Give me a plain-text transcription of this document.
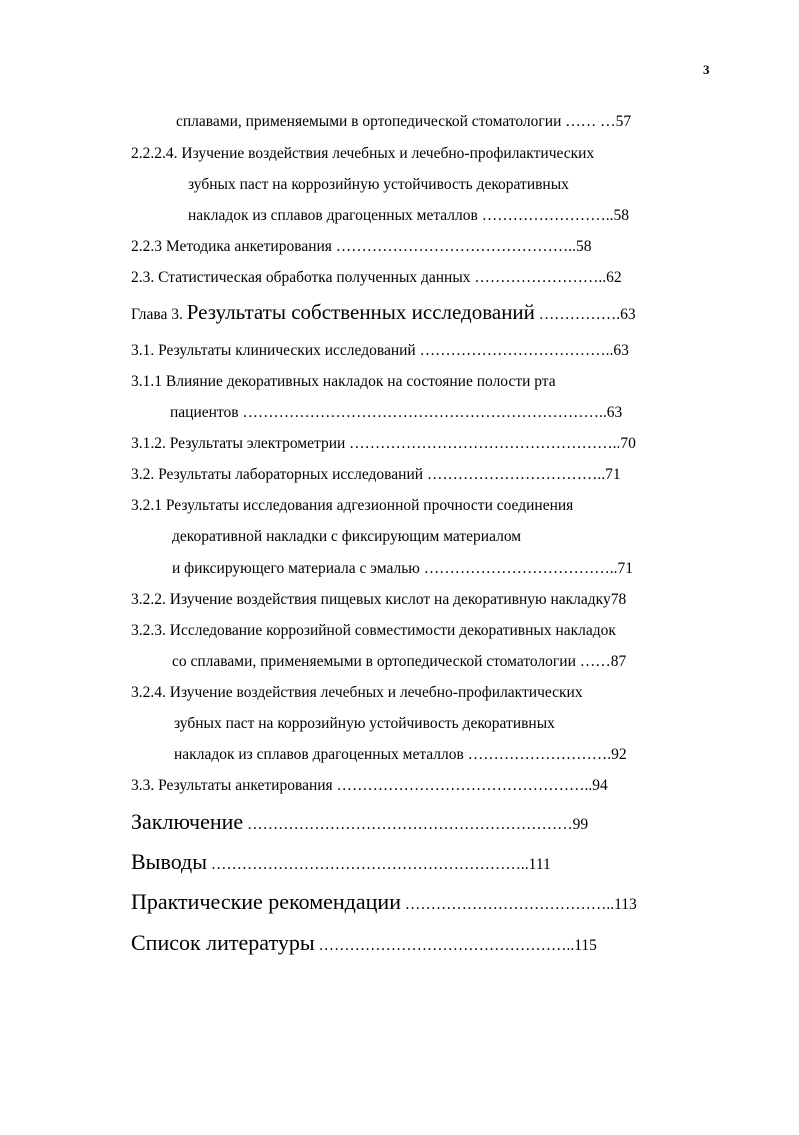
3
сплавами, применяемыми в ортопедической стоматологии …… …57
2.2.2.4. Изучение воздействия лечебных и лечебно-профилактических
зубных паст на коррозийную устойчивость декоративных
накладок из сплавов драгоценных металлов ……………………..58
2.2.3 Методика анкетирования ………………………………………..58
2.3. Статистическая обработка полученных данных ……………………..62
Глава 3. Результаты собственных исследований …………….63
3.1. Результаты клинических исследований ………………………………..63
3.1.1 Влияние декоративных накладок на состояние полости рта
пациентов ……………………………………………………………..63
3.1.2. Результаты электрометрии ……………………………………………..70
3.2. Результаты лабораторных исследований ……………………………..71
3.2.1 Результаты исследования адгезионной прочности соединения
декоративной накладки с фиксирующим материалом
и фиксирующего материала с эмалью ………………………………..71
3.2.2. Изучение воздействия пищевых кислот на декоративную накладку78
3.2.3. Исследование коррозийной совместимости декоративных накладок
со сплавами, применяемыми в ортопедической стоматологии ……87
3.2.4. Изучение воздействия лечебных и лечебно-профилактических
зубных паст на коррозийную устойчивость декоративных
накладок из сплавов драгоценных металлов ……………………….92
3.3. Результаты анкетирования …………………………………………..94
Заключение ………………………………………………………99
Выводы ……………………………………………………..111
Практические рекомендации …………………………………..113
Список литературы …………………………………………..115
